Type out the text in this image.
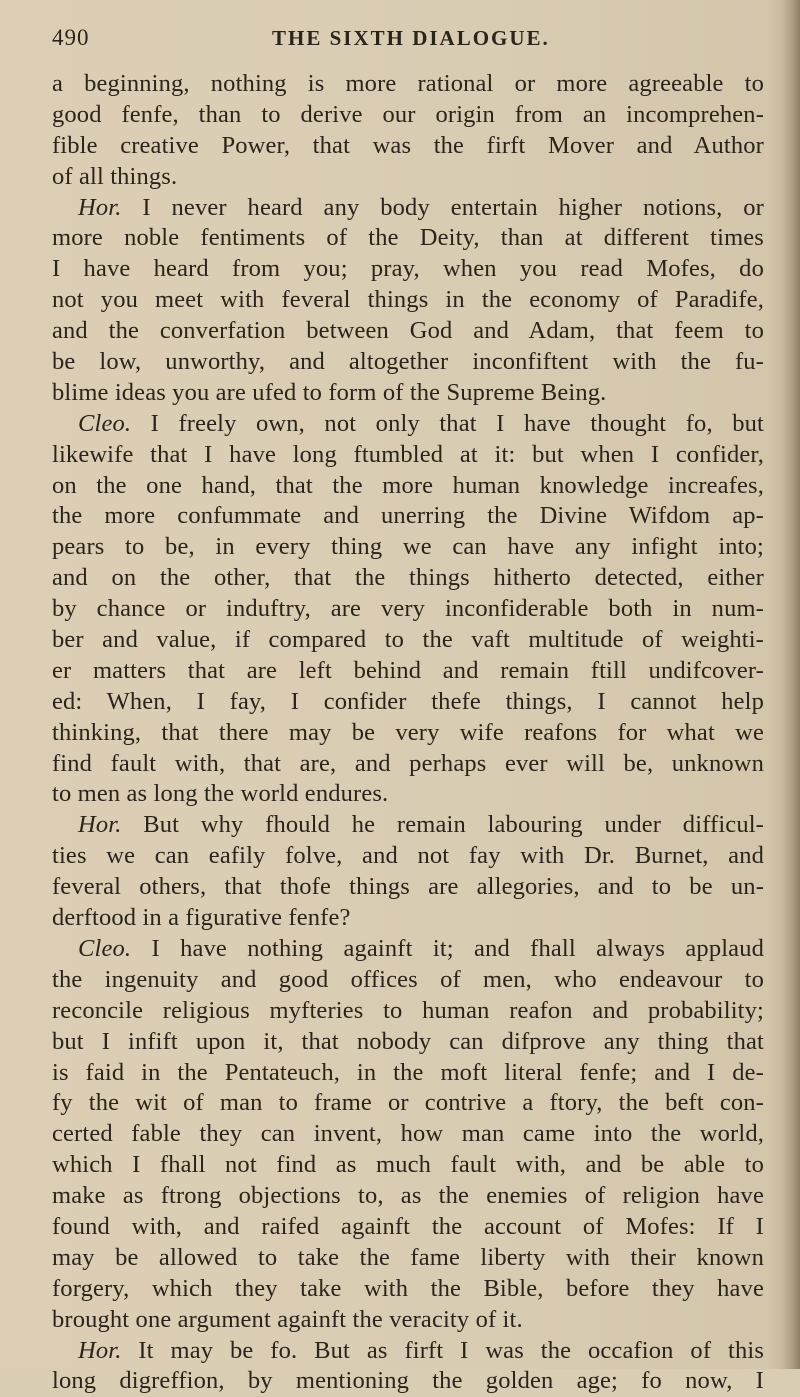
490	THE SIXTH DIALOGUE.
a beginning, nothing is more rational or more agreeable to
good fenfe, than to derive our origin from an incomprehen-
fible creative Power, that was the firft Mover and Author
of all things.
Hor. I never heard any body entertain higher notions, or
more noble fentiments of the Deity, than at different times
I have heard from you; pray, when you read Mofes, do
not you meet with feveral things in the economy of Paradife,
and the converfation between God and Adam, that feem to
be low, unworthy, and altogether inconfiftent with the fu-
blime ideas you are ufed to form of the Supreme Being.
Cleo. I freely own, not only that I have thought fo, but
likewife that I have long ftumbled at it: but when I confider,
on the one hand, that the more human knowledge increafes,
the more confummate and unerring the Divine Wifdom ap-
pears to be, in every thing we can have any infight into;
and on the other, that the things hitherto detected, either
by chance or induftry, are very inconfiderable both in num-
ber and value, if compared to the vaft multitude of weighti-
er matters that are left behind and remain ftill undifcover-
ed: When, I fay, I confider thefe things, I cannot help
thinking, that there may be very wife reafons for what we
find fault with, that are, and perhaps ever will be, unknown
to men as long the world endures.
Hor. But why fhould he remain labouring under difficul-
ties we can eafily folve, and not fay with Dr. Burnet, and
feveral others, that thofe things are allegories, and to be un-
derftood in a figurative fenfe?
Cleo. I have nothing againft it; and fhall always applaud
the ingenuity and good offices of men, who endeavour to
reconcile religious myfteries to human reafon and probability;
but I infift upon it, that nobody can difprove any thing that
is faid in the Pentateuch, in the moft literal fenfe; and I de-
fy the wit of man to frame or contrive a ftory, the beft con-
certed fable they can invent, how man came into the world,
which I fhall not find as much fault with, and be able to
make as ftrong objections to, as the enemies of religion have
found with, and raifed againft the account of Mofes: If I
may be allowed to take the fame liberty with their known
forgery, which they take with the Bible, before they have
brought one argument againft the veracity of it.
Hor. It may be fo. But as firft I was the occafion of this
long digreffion, by mentioning the golden age; fo now, I
